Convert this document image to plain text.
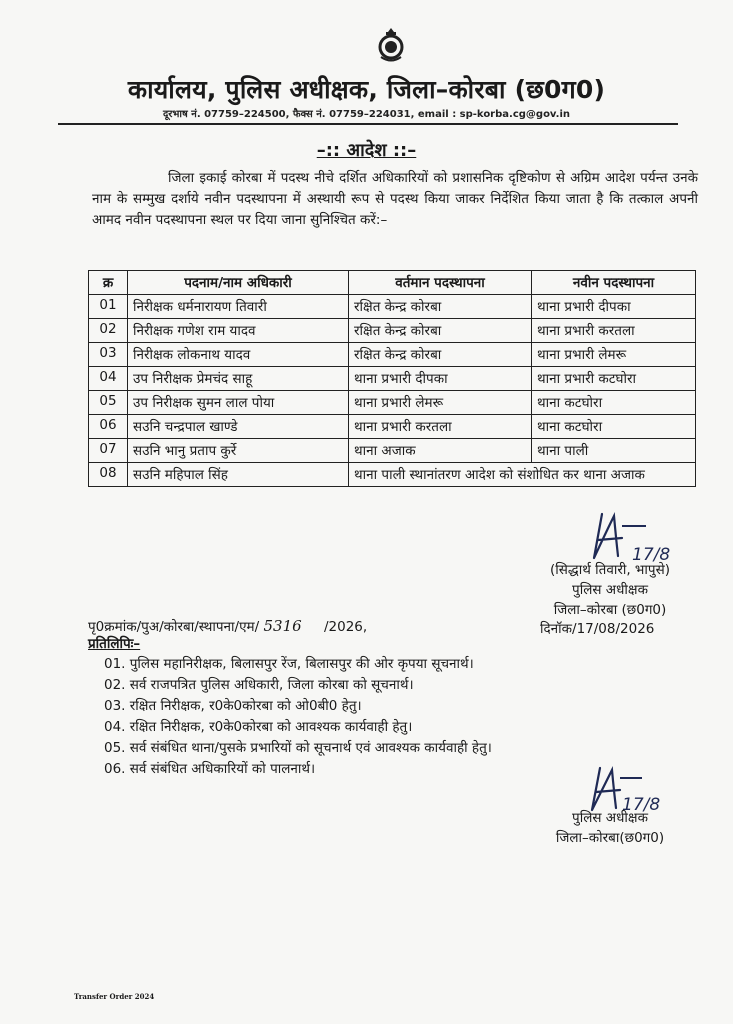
कार्यालय, पुलिस अधीक्षक, जिला–कोरबा (छ0ग0)
दूरभाष नं. 07759–224500, फैक्स नं. 07759–224031, email : sp-korba.cg@gov.in
–:: आदेश ::–
जिला इकाई कोरबा में पदस्थ नीचे दर्शित अधिकारियों को प्रशासनिक दृष्टिकोण से अग्रिम आदेश पर्यन्त उनके नाम के सम्मुख दर्शाये नवीन पदस्थापना में अस्थायी रूप से पदस्थ किया जाकर निर्देशित किया जाता है कि तत्काल अपनी आमद नवीन पदस्थापना स्थल पर दिया जाना सुनिश्चित करें:–
क्र	पदनाम/नाम अधिकारी	वर्तमान पदस्थापना	नवीन पदस्थापना
01	निरीक्षक धर्मनारायण तिवारी	रक्षित केन्द्र कोरबा	थाना प्रभारी दीपका
02	निरीक्षक गणेश राम यादव	रक्षित केन्द्र कोरबा	थाना प्रभारी करतला
03	निरीक्षक लोकनाथ यादव	रक्षित केन्द्र कोरबा	थाना प्रभारी लेमरू
04	उप निरीक्षक प्रेमचंद साहू	थाना प्रभारी दीपका	थाना प्रभारी कटघोरा
05	उप निरीक्षक सुमन लाल पोया	थाना प्रभारी लेमरू	थाना कटघोरा
06	सउनि चन्द्रपाल खाण्डे	थाना प्रभारी करतला	थाना कटघोरा
07	सउनि भानु प्रताप कुर्रे	थाना अजाक	थाना पाली
08	सउनि महिपाल सिंह	थाना पाली स्थानांतरण आदेश को संशोधित कर थाना अजाक	
17/8
(सिद्धार्थ तिवारी, भापुसे)
पुलिस अधीक्षक
जिला–कोरबा (छ0ग0)
पृ0क्रमांक/पुअ/कोरबा/स्थापना/एम/ 5316 /2026,	दिनॉक/17/08/2026
प्रतिलिपिः–
01. पुलिस महानिरीक्षक, बिलासपुर रेंज, बिलासपुर की ओर कृपया सूचनार्थ।
02. सर्व राजपत्रित पुलिस अधिकारी, जिला कोरबा को सूचनार्थ।
03. रक्षित निरीक्षक, र0के0कोरबा को ओ0बी0 हेतु।
04. रक्षित निरीक्षक, र0के0कोरबा को आवश्यक कार्यवाही हेतु।
05. सर्व संबंधित थाना/पुसके प्रभारियों को सूचनार्थ एवं आवश्यक कार्यवाही हेतु।
06. सर्व संबंधित अधिकारियों को पालनार्थ।
17/8
पुलिस अधीक्षक
जिला–कोरबा(छ0ग0)
Transfer Order 2024
